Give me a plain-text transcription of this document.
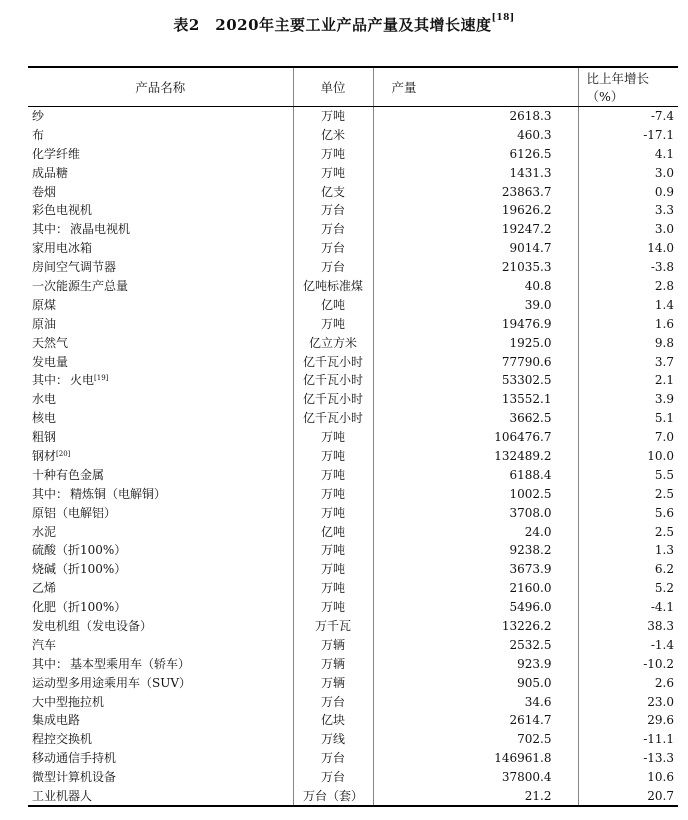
表2　2020年主要工业产品产量及其增长速度[18]
产品名称	单位	产量	比上年增长（%）
纱	万吨	2618.3	-7.4
布	亿米	460.3	-17.1
化学纤维	万吨	6126.5	4.1
成品糖	万吨	1431.3	3.0
卷烟	亿支	23863.7	0.9
彩色电视机	万台	19626.2	3.3
其中： 液晶电视机	万台	19247.2	3.0
家用电冰箱	万台	9014.7	14.0
房间空气调节器	万台	21035.3	-3.8
一次能源生产总量	亿吨标准煤	40.8	2.8
原煤	亿吨	39.0	1.4
原油	万吨	19476.9	1.6
天然气	亿立方米	1925.0	9.8
发电量	亿千瓦小时	77790.6	3.7
其中： 火电[19]	亿千瓦小时	53302.5	2.1
水电	亿千瓦小时	13552.1	3.9
核电	亿千瓦小时	3662.5	5.1
粗钢	万吨	106476.7	7.0
钢材[20]	万吨	132489.2	10.0
十种有色金属	万吨	6188.4	5.5
其中： 精炼铜（电解铜）	万吨	1002.5	2.5
原铝（电解铝）	万吨	3708.0	5.6
水泥	亿吨	24.0	2.5
硫酸（折100%）	万吨	9238.2	1.3
烧碱（折100%）	万吨	3673.9	6.2
乙烯	万吨	2160.0	5.2
化肥（折100%）	万吨	5496.0	-4.1
发电机组（发电设备）	万千瓦	13226.2	38.3
汽车	万辆	2532.5	-1.4
其中： 基本型乘用车（轿车）	万辆	923.9	-10.2
运动型多用途乘用车（SUV）	万辆	905.0	2.6
大中型拖拉机	万台	34.6	23.0
集成电路	亿块	2614.7	29.6
程控交换机	万线	702.5	-11.1
移动通信手持机	万台	146961.8	-13.3
微型计算机设备	万台	37800.4	10.6
工业机器人	万台（套）	21.2	20.7
